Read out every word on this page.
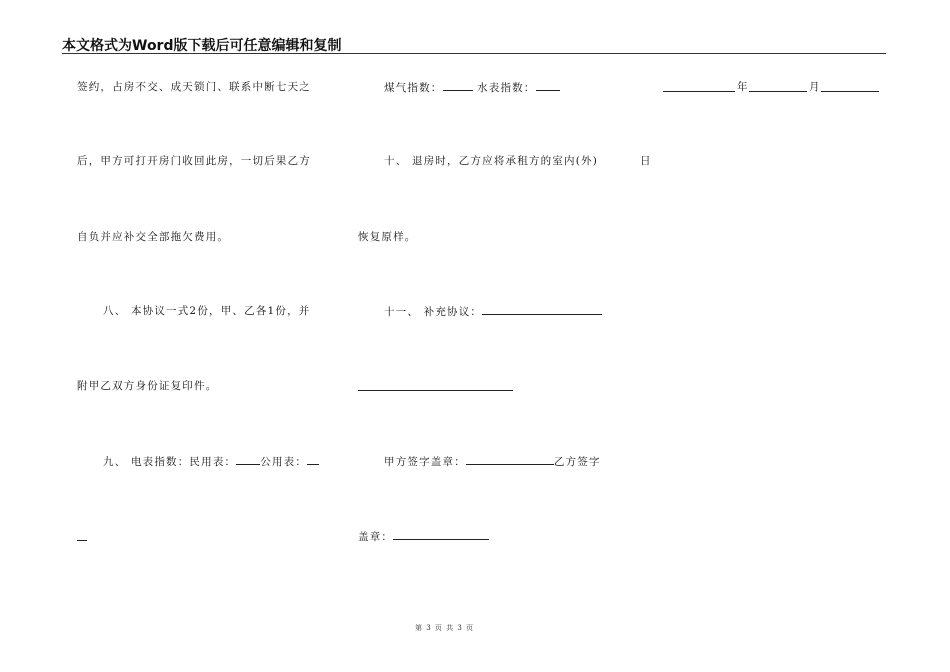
本文格式为Word版下载后可任意编辑和复制
签约，占房不交、成天锁门、联系中断七天之
后，甲方可打开房门收回此房，一切后果乙方
自负并应补交全部拖欠费用。
八、 本协议一式2份，甲、乙各1份，并
附甲乙双方身份证复印件。
九、 电表指数：民用表： 公用表：
煤气指数：	水表指数：
十、 退房时，乙方应将承租方的室内(外)
恢复原样。
十一、 补充协议：
甲方签字盖章：	乙方签字
盖章：
年	月
日
第 3 页 共 3 页
